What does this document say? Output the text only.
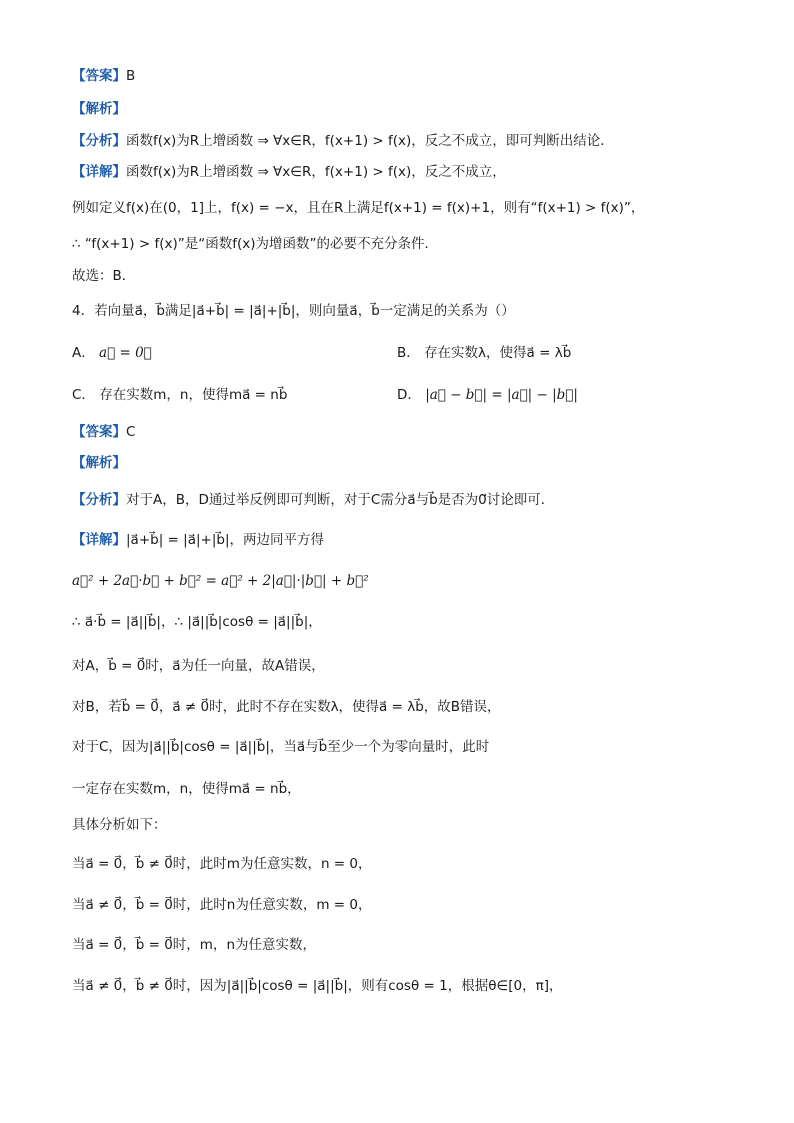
【答案】B
【解析】
【分析】函数f(x)为R上增函数 ⇒ ∀x∈R，f(x+1) > f(x)，反之不成立，即可判断出结论．
【详解】函数f(x)为R上增函数 ⇒ ∀x∈R，f(x+1) > f(x)，反之不成立，
例如定义f(x)在(0，1]上，f(x) = −x，且在R上满足f(x+1) = f(x)+1，则有“f(x+1) > f(x)”，
∴ “f(x+1) > f(x)”是“函数f(x)为增函数”的必要不充分条件．
故选：B．
4．若向量a⃗，b⃗满足|a⃗+b⃗| = |a⃗|+|b⃗|，则向量a⃗，b⃗一定满足的关系为（）
A． a⃗ = 0⃗	B． 存在实数λ，使得a⃗ = λb⃗
C． 存在实数m，n，使得ma⃗ = nb⃗	D． |a⃗ − b⃗| = |a⃗| − |b⃗|
【答案】C
【解析】
【分析】对于A，B，D通过举反例即可判断，对于C需分a⃗与b⃗是否为0⃗讨论即可．
【详解】|a⃗+b⃗| = |a⃗|+|b⃗|，两边同平方得
a⃗² + 2a⃗·b⃗ + b⃗² = a⃗² + 2|a⃗|·|b⃗| + b⃗²
∴ a⃗·b⃗ = |a⃗||b⃗|，∴ |a⃗||b⃗|cosθ = |a⃗||b⃗|，
对A，b⃗ = 0⃗时，a⃗为任一向量，故A错误，
对B，若b⃗ = 0⃗，a⃗ ≠ 0⃗时，此时不存在实数λ，使得a⃗ = λb⃗，故B错误，
对于C，因为|a⃗||b⃗|cosθ = |a⃗||b⃗|，当a⃗与b⃗至少一个为零向量时，此时
一定存在实数m，n，使得ma⃗ = nb⃗，
具体分析如下：
当a⃗ = 0⃗，b⃗ ≠ 0⃗时，此时m为任意实数，n = 0，
当a⃗ ≠ 0⃗，b⃗ = 0⃗时，此时n为任意实数，m = 0，
当a⃗ = 0⃗，b⃗ = 0⃗时，m，n为任意实数，
当a⃗ ≠ 0⃗，b⃗ ≠ 0⃗时，因为|a⃗||b⃗|cosθ = |a⃗||b⃗|，则有cosθ = 1，根据θ∈[0，π]，
